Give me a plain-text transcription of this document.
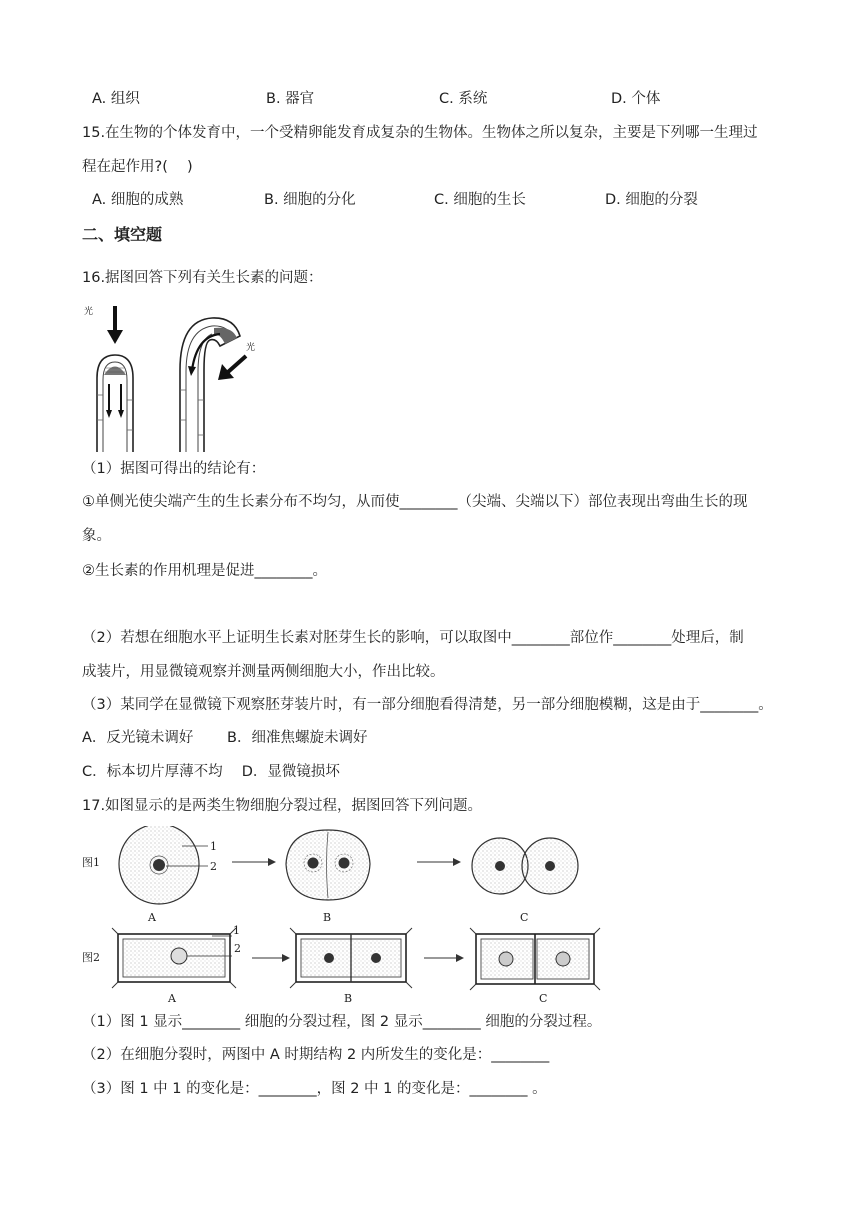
A. 组织	B. 器官	C. 系统	D. 个体
15.在生物的个体发育中，一个受精卵能发育成复杂的生物体。生物体之所以复杂，主要是下列哪一生理过
程在起作用?(　 )
A. 细胞的成熟	B. 细胞的分化	C. 细胞的生长	D. 细胞的分裂
二、填空题
16.据图回答下列有关生长素的问题：
光
光
（1）据图可得出的结论有：
①单侧光使尖端产生的生长素分布不均匀，从而使________（尖端、尖端以下）部位表现出弯曲生长的现
象。
②生长素的作用机理是促进________。
（2）若想在细胞水平上证明生长素对胚芽生长的影响，可以取图中________部位作________处理后，制
成装片，用显微镜观察并测量两侧细胞大小，作出比较。
（3）某同学在显微镜下观察胚芽装片时，有一部分细胞看得清楚，另一部分细胞模糊，这是由于________。
A．反光镜未调好　　 B．细准焦螺旋未调好
C．标本切片厚薄不均　 D．显微镜损坏
17.如图显示的是两类生物细胞分裂过程，据图回答下列问题。
图1
1
2
A	B	C
图2
1
2
A	B	C
（1）图 1 显示________ 细胞的分裂过程，图 2 显示________ 细胞的分裂过程。
（2）在细胞分裂时，两图中 A 时期结构 2 内所发生的变化是：________
（3）图 1 中 1 的变化是：________，图 2 中 1 的变化是：________ 。
